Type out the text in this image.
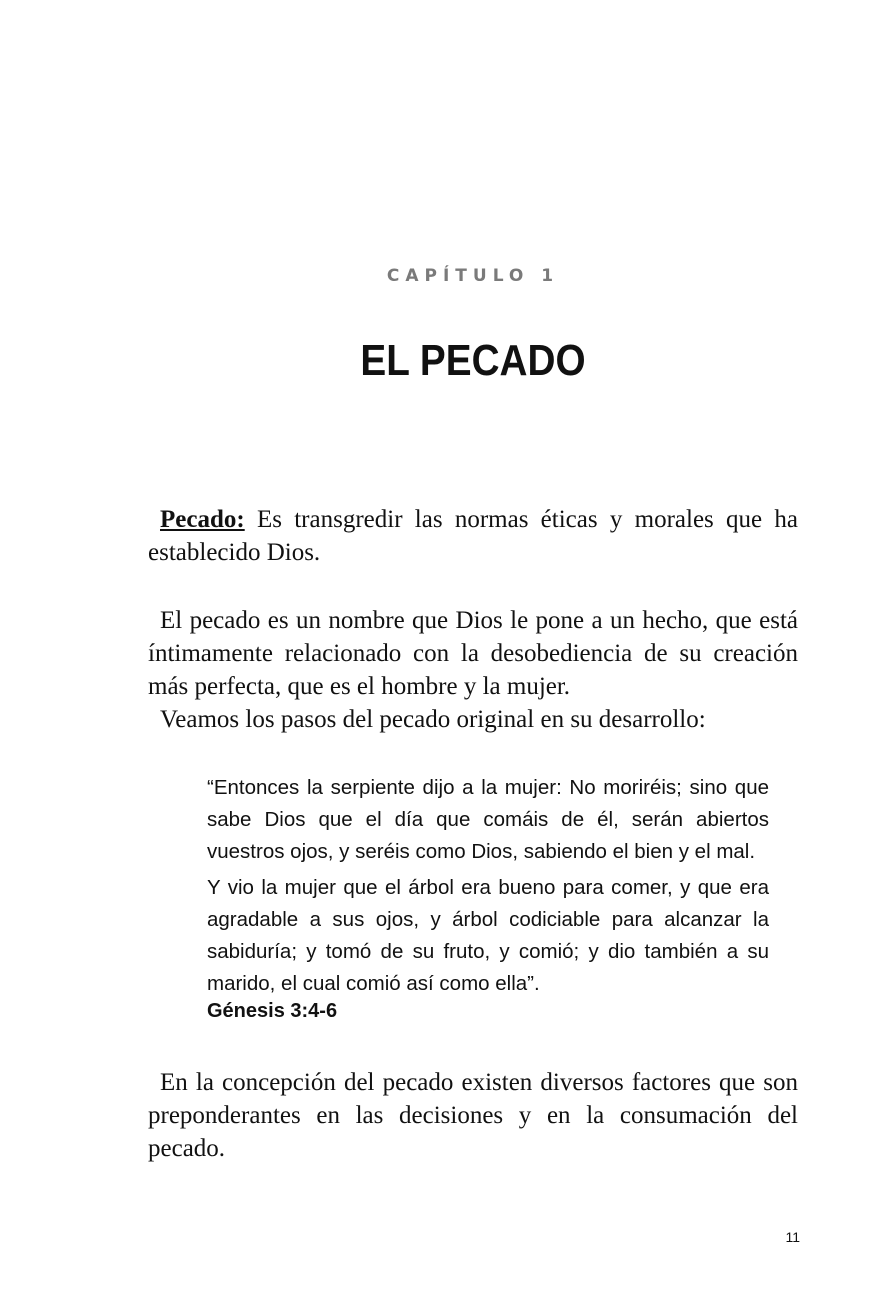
CAPÍTULO 1
EL PECADO

Pecado: Es transgredir las normas éticas y morales que ha establecido Dios.

El pecado es un nombre que Dios le pone a un hecho, que está íntimamente relacionado con la desobediencia de su creación más perfecta, que es el hombre y la mujer.

Veamos los pasos del pecado original en su desarrollo:

“Entonces la serpiente dijo a la mujer: No moriréis; sino que sabe Dios que el día que comáis de él, serán abiertos vuestros ojos, y seréis como Dios, sabiendo el bien y el mal.

Y vio la mujer que el árbol era bueno para comer, y que era agradable a sus ojos, y árbol codiciable para alcanzar la sabiduría; y tomó de su fruto, y comió; y dio también a su marido, el cual comió así como ella”.

Génesis 3:4-6

En la concepción del pecado existen diversos factores que son preponderantes en las decisiones y en la consumación del pecado.

11
